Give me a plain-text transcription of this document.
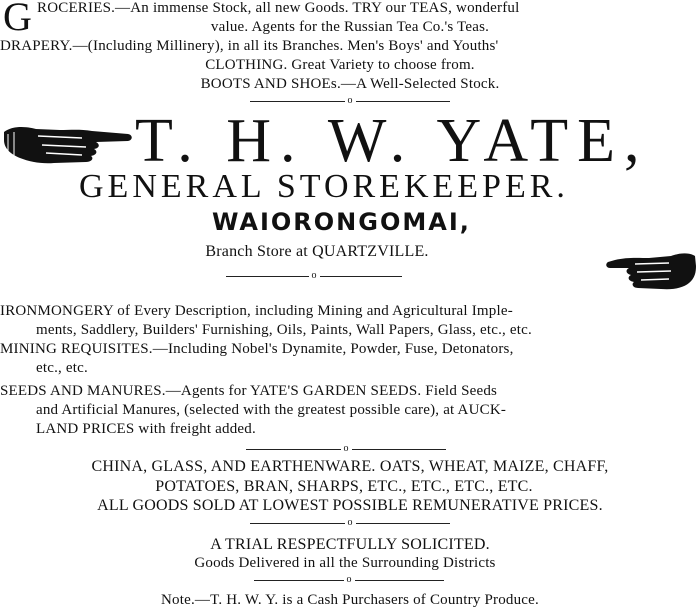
G ROCERIES.—An immense Stock, all new Goods. TRY our TEAS, wonderful
value. Agents for the Russian Tea Co.'s Teas.
DRAPERY.—(Including Millinery), in all its Branches. Men's Boys' and Youths'
CLOTHING. Great Variety to choose from.
BOOTS AND SHOEs.—A Well-Selected Stock.
o
T. H. W. YATE,
GENERAL STOREKEEPER.
WAIORONGOMAI,
Branch Store at QUARTZVILLE.
o
IRONMONGERY of Every Description, including Mining and Agricultural Imple-
ments, Saddlery, Builders' Furnishing, Oils, Paints, Wall Papers, Glass, etc., etc.
MINING REQUISITES.—Including Nobel's Dynamite, Powder, Fuse, Detonators,
etc., etc.
SEEDS AND MANURES.—Agents for YATE'S GARDEN SEEDS. Field Seeds
and Artificial Manures, (selected with the greatest possible care), at AUCK-
LAND PRICES with freight added.
o
CHINA, GLASS, AND EARTHENWARE. OATS, WHEAT, MAIZE, CHAFF,
POTATOES, BRAN, SHARPS, ETC., ETC., ETC., ETC.
ALL GOODS SOLD AT LOWEST POSSIBLE REMUNERATIVE PRICES.
o
A TRIAL RESPECTFULLY SOLICITED.
Goods Delivered in all the Surrounding Districts
o
Note.—T. H. W. Y. is a Cash Purchasers of Country Produce.
